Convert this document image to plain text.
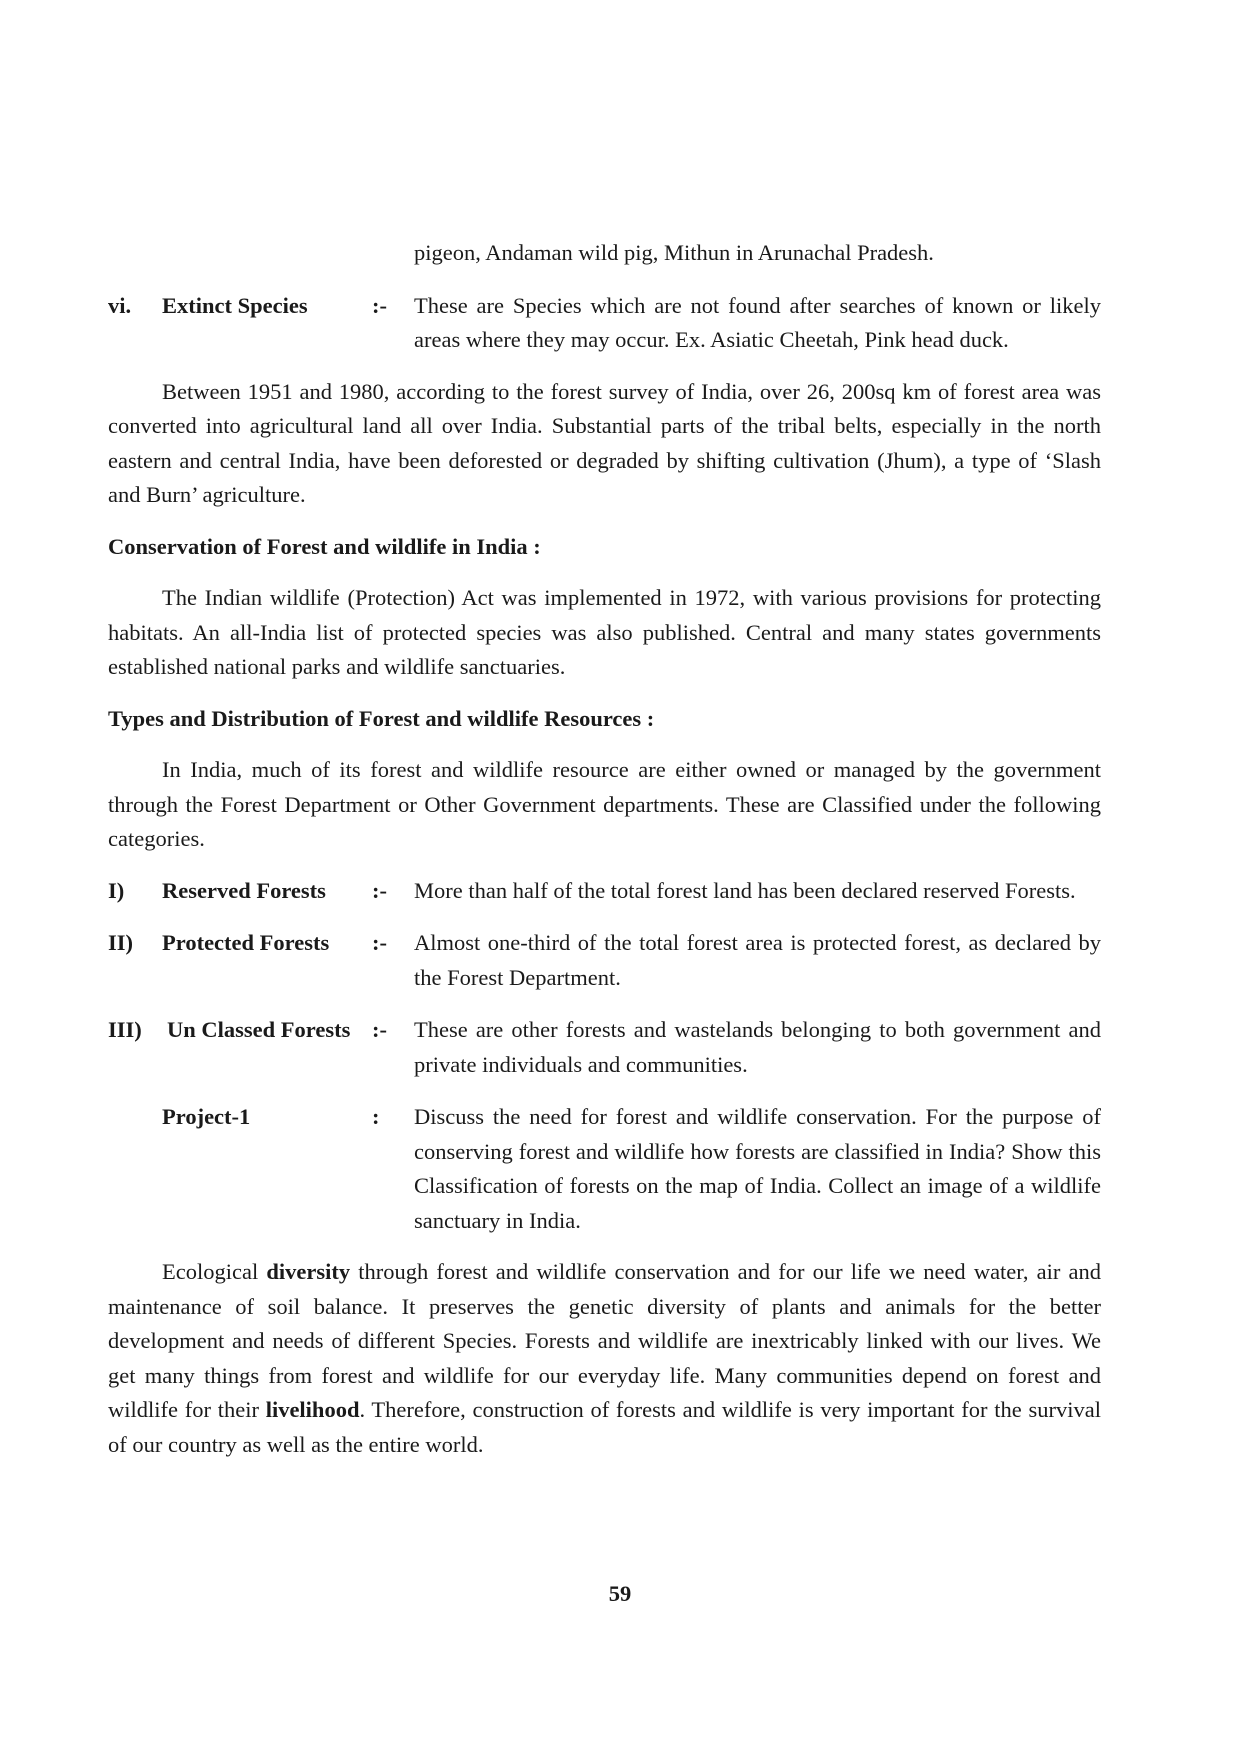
pigeon, Andaman wild pig, Mithun in Arunachal Pradesh.
vi.	Extinct Species	:-	These are Species which are not found after searches of known or likely areas where they may occur. Ex. Asiatic Cheetah, Pink head duck.

Between 1951 and 1980, according to the forest survey of India, over 26, 200sq km of forest area was converted into agricultural land all over India. Substantial parts of the tribal belts, especially in the north eastern and central India, have been deforested or degraded by shifting cultivation (Jhum), a type of ‘Slash and Burn’ agriculture.

Conservation of Forest and wildlife in India :

The Indian wildlife (Protection) Act was implemented in 1972, with various provisions for protecting habitats. An all-India list of protected species was also published. Central and many states governments established national parks and wildlife sanctuaries.

Types and Distribution of Forest and wildlife Resources :

In India, much of its forest and wildlife resource are either owned or managed by the government through the Forest Department or Other Government departments. These are Classified under the following categories.

I)	Reserved Forests	:-	More than half of the total forest land has been declared reserved Forests.
II)	Protected Forests	:-	Almost one-third of the total forest area is protected forest, as declared by the Forest Department.
III)	Un Classed Forests :-	These are other forests and wastelands belonging to both government and private individuals and communities.
Project-1	:	Discuss the need for forest and wildlife conservation. For the purpose of conserving forest and wildlife how forests are classified in India? Show this Classification of forests on the map of India. Collect an image of a wildlife sanctuary in India.

Ecological diversity through forest and wildlife conservation and for our life we need water, air and maintenance of soil balance. It preserves the genetic diversity of plants and animals for the better development and needs of different Species. Forests and wildlife are inextricably linked with our lives. We get many things from forest and wildlife for our everyday life. Many communities depend on forest and wildlife for their livelihood. Therefore, construction of forests and wildlife is very important for the survival of our country as well as the entire world.

59
